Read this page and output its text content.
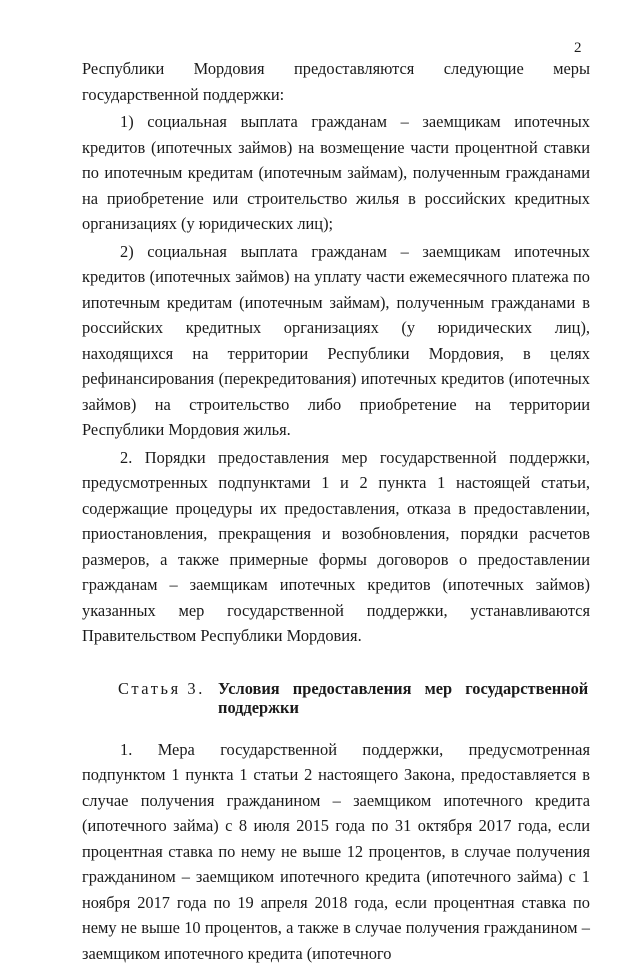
2

Республики Мордовия предоставляются следующие меры государственной поддержки:

1) социальная выплата гражданам – заемщикам ипотечных кредитов (ипотечных займов) на возмещение части процентной ставки по ипотечным кредитам (ипотечным займам), полученным гражданами на приобретение или строительство жилья в российских кредитных организациях (у юридических лиц);

2) социальная выплата гражданам – заемщикам ипотечных кредитов (ипотечных займов) на уплату части ежемесячного платежа по ипотечным кредитам (ипотечным займам), полученным гражданами в российских кредитных организациях (у юридических лиц), находящихся на территории Республики Мордовия, в целях рефинансирования (перекредитования) ипотечных кредитов (ипотечных займов) на строительство либо приобретение на территории Республики Мордовия жилья.

2. Порядки предоставления мер государственной поддержки, предусмотренных подпунктами 1 и 2 пункта 1 настоящей статьи, содержащие процедуры их предоставления, отказа в предоставлении, приостановления, прекращения и возобновления, порядки расчетов размеров, а также примерные формы договоров о предоставлении гражданам – заемщикам ипотечных кредитов (ипотечных займов) указанных мер государственной поддержки, устанавливаются Правительством Республики Мордовия.

Статья 3. Условия предоставления мер государственной
поддержки

1. Мера государственной поддержки, предусмотренная подпунктом 1 пункта 1 статьи 2 настоящего Закона, предоставляется в случае получения гражданином – заемщиком ипотечного кредита (ипотечного займа) с 8 июля 2015 года по 31 октября 2017 года, если процентная ставка по нему не выше 12 процентов, в случае получения гражданином – заемщиком ипотечного кредита (ипотечного займа) с 1 ноября 2017 года по 19 апреля 2018 года, если процентная ставка по нему не выше 10 процентов, а также в случае получения гражданином – заемщиком ипотечного кредита (ипотечного
